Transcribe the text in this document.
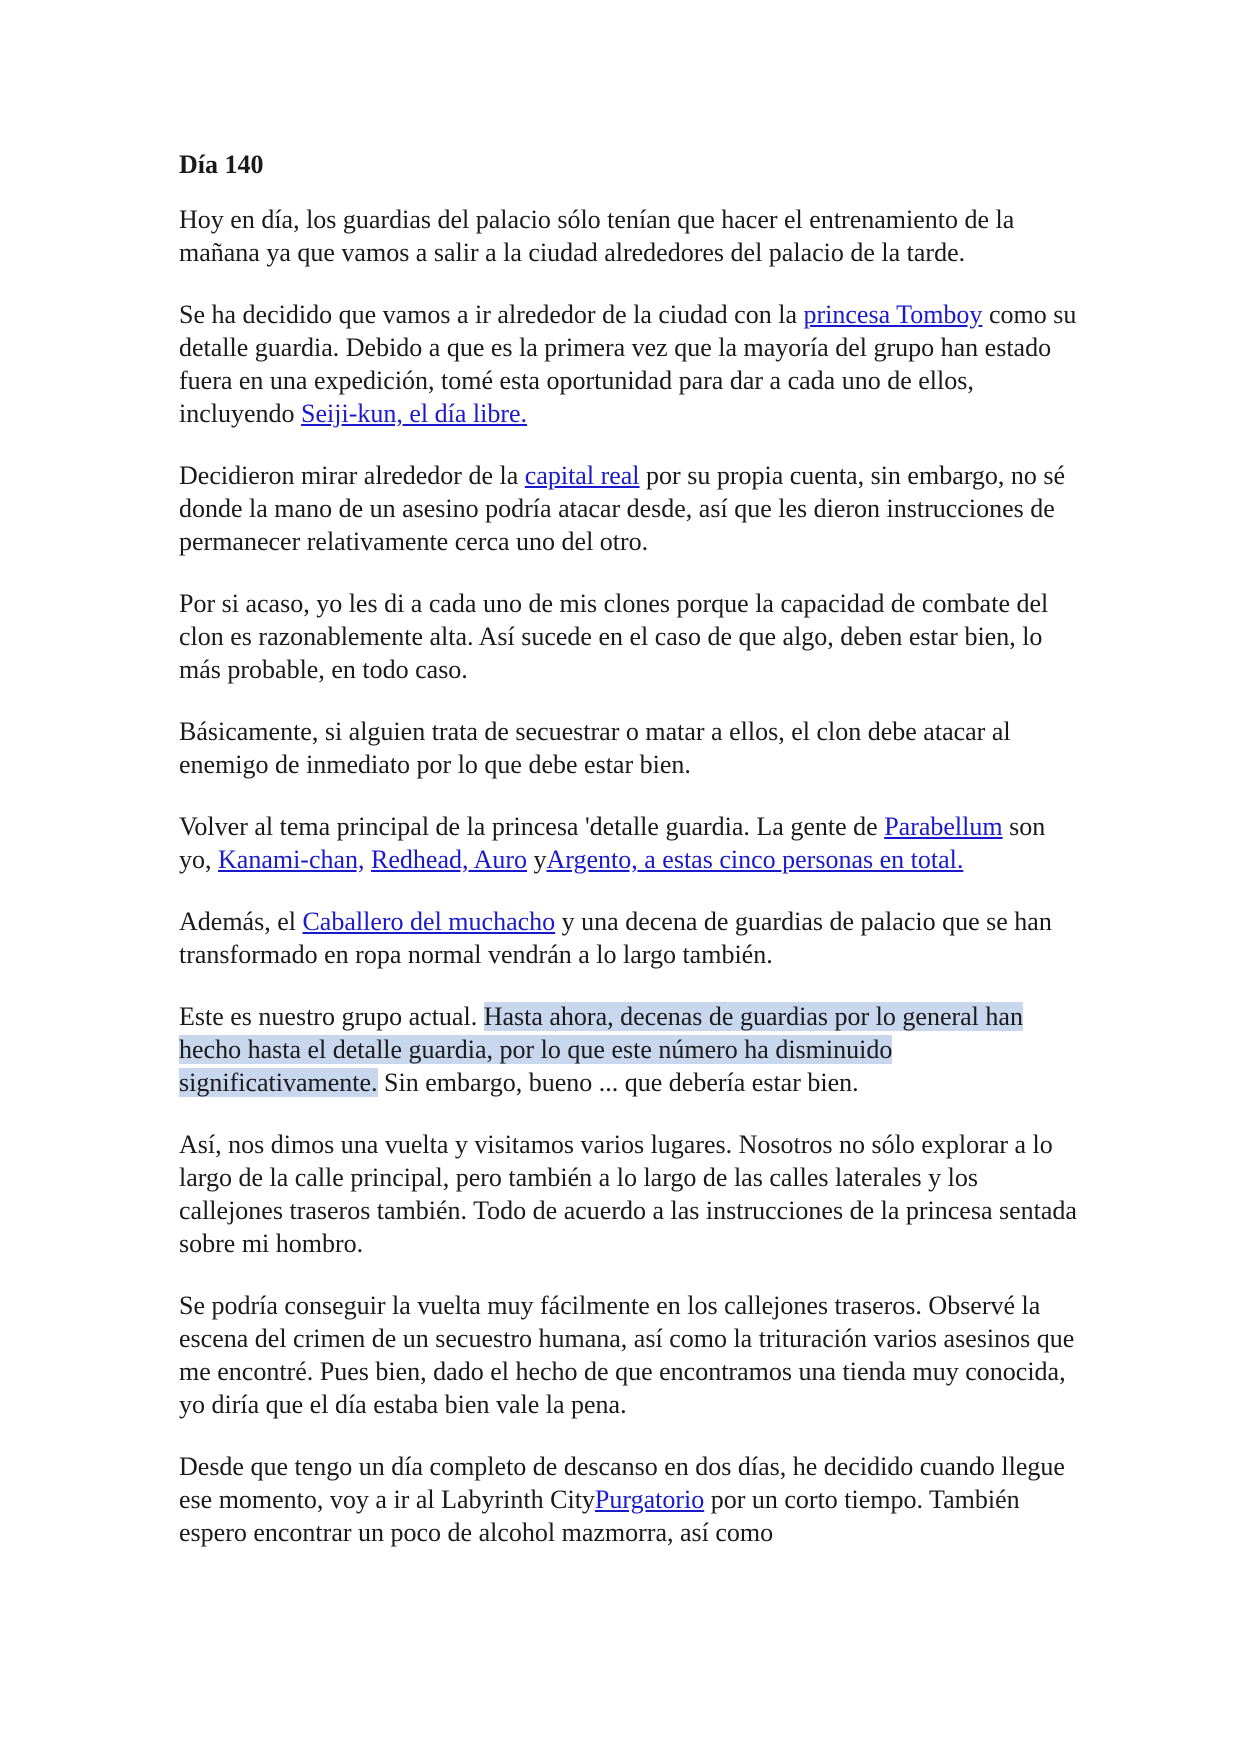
Día 140

Hoy en día, los guardias del palacio sólo tenían que hacer el entrenamiento de la mañana ya que vamos a salir a la ciudad alrededores del palacio de la tarde.

Se ha decidido que vamos a ir alrededor de la ciudad con la princesa Tomboy como su detalle guardia. Debido a que es la primera vez que la mayoría del grupo han estado fuera en una expedición, tomé esta oportunidad para dar a cada uno de ellos, incluyendo Seiji-kun, el día libre.

Decidieron mirar alrededor de la capital real por su propia cuenta, sin embargo, no sé donde la mano de un asesino podría atacar desde, así que les dieron instrucciones de permanecer relativamente cerca uno del otro.

Por si acaso, yo les di a cada uno de mis clones porque la capacidad de combate del clon es razonablemente alta. Así sucede en el caso de que algo, deben estar bien, lo más probable, en todo caso.

Básicamente, si alguien trata de secuestrar o matar a ellos, el clon debe atacar al enemigo de inmediato por lo que debe estar bien.

Volver al tema principal de la princesa 'detalle guardia. La gente de Parabellum son yo, Kanami-chan, Redhead, Auro yArgento, a estas cinco personas en total.

Además, el Caballero del muchacho y una decena de guardias de palacio que se han transformado en ropa normal vendrán a lo largo también.

Este es nuestro grupo actual. Hasta ahora, decenas de guardias por lo general han hecho hasta el detalle guardia, por lo que este número ha disminuido significativamente. Sin embargo, bueno ... que debería estar bien.

Así, nos dimos una vuelta y visitamos varios lugares. Nosotros no sólo explorar a lo largo de la calle principal, pero también a lo largo de las calles laterales y los callejones traseros también. Todo de acuerdo a las instrucciones de la princesa sentada sobre mi hombro.

Se podría conseguir la vuelta muy fácilmente en los callejones traseros. Observé la escena del crimen de un secuestro humana, así como la trituración varios asesinos que me encontré. Pues bien, dado el hecho de que encontramos una tienda muy conocida, yo diría que el día estaba bien vale la pena.

Desde que tengo un día completo de descanso en dos días, he decidido cuando llegue ese momento, voy a ir al Labyrinth CityPurgatorio por un corto tiempo. También espero encontrar un poco de alcohol mazmorra, así como
